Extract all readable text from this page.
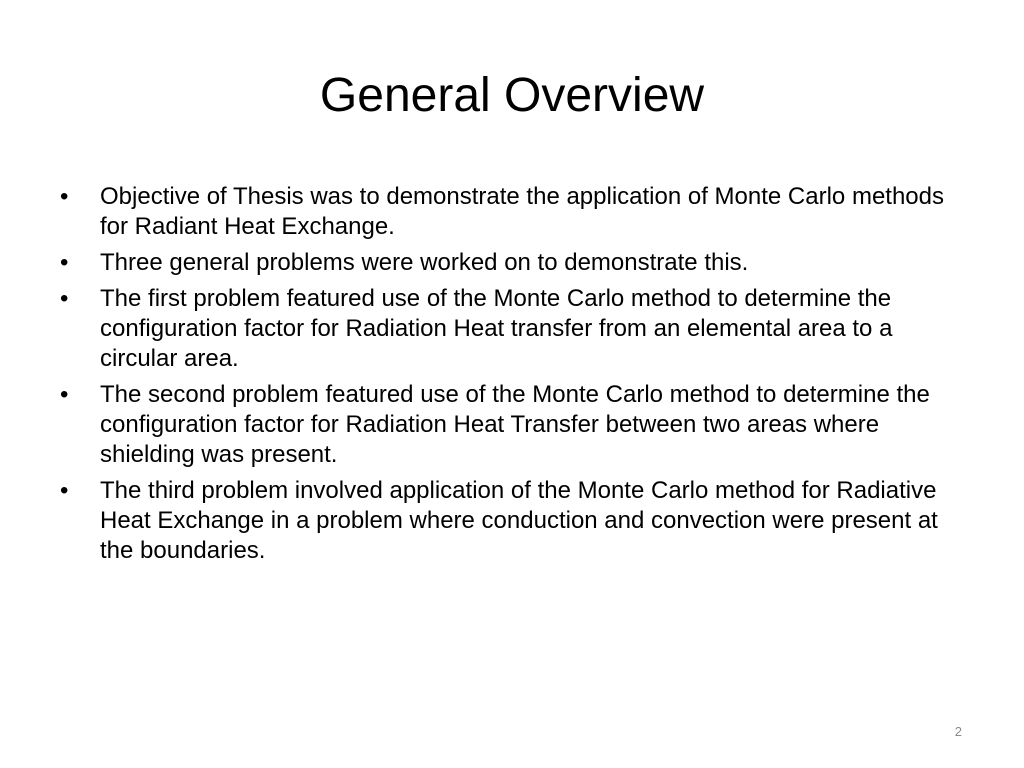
General Overview
•	Objective of Thesis was to demonstrate the application of Monte Carlo methods for Radiant Heat Exchange.
•	Three general problems were worked on to demonstrate this.
•	The first problem featured use of the Monte Carlo method to determine the configuration factor for Radiation Heat transfer from an elemental area to a circular area.
•	The second problem featured use of the Monte Carlo method to determine the configuration factor for Radiation Heat Transfer between two areas where shielding was present.
•	The third problem involved application of the Monte Carlo method for Radiative Heat Exchange in a problem where conduction and convection were present at the boundaries.
2
